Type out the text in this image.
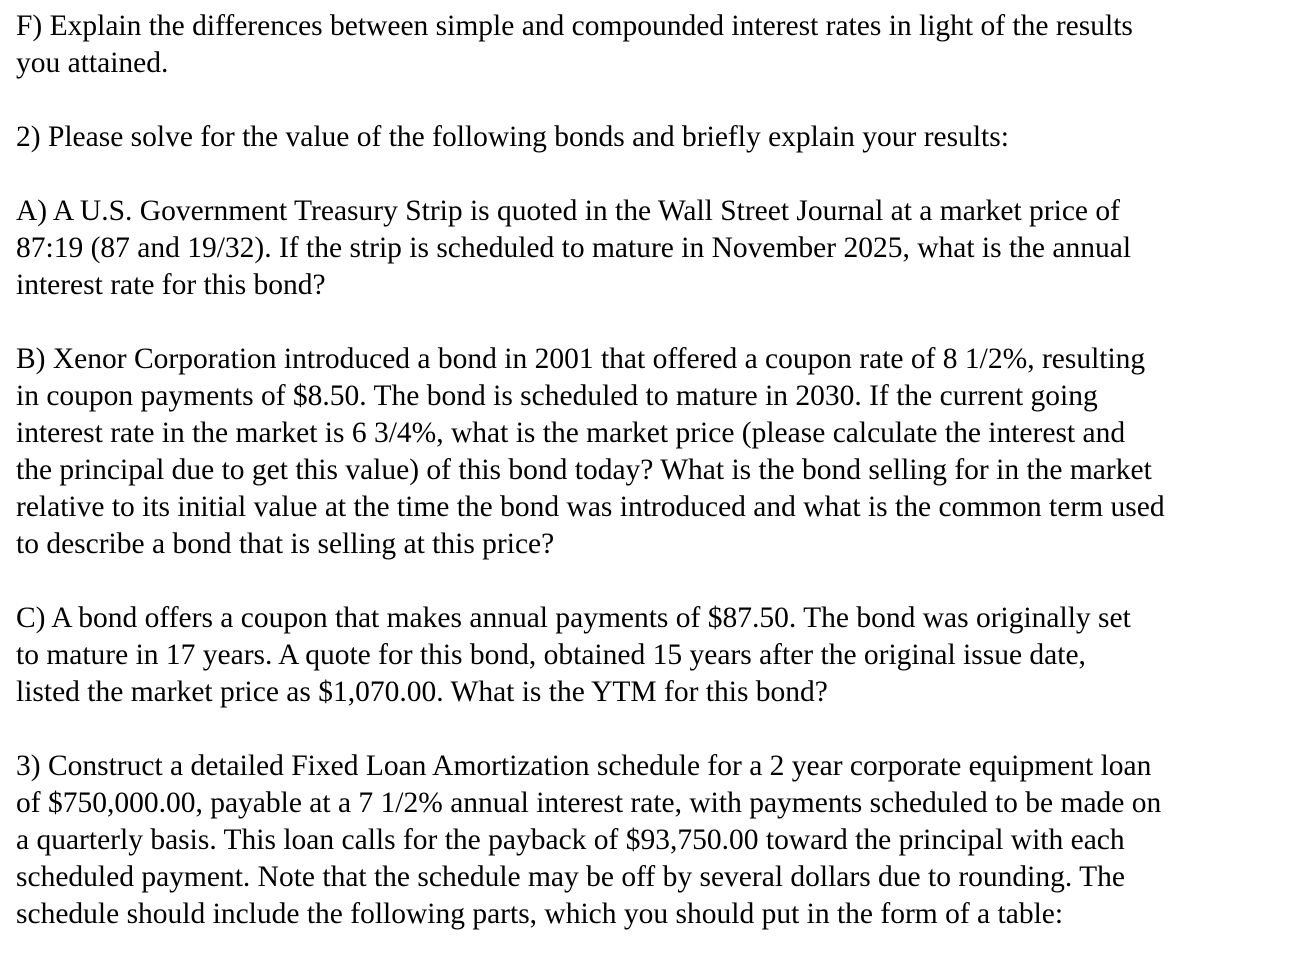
F) Explain the differences between simple and compounded interest rates in light of the results
you attained.

2) Please solve for the value of the following bonds and briefly explain your results:

A) A U.S. Government Treasury Strip is quoted in the Wall Street Journal at a market price of
87:19 (87 and 19/32). If the strip is scheduled to mature in November 2025, what is the annual
interest rate for this bond?

B) Xenor Corporation introduced a bond in 2001 that offered a coupon rate of 8 1/2%, resulting
in coupon payments of $8.50. The bond is scheduled to mature in 2030. If the current going
interest rate in the market is 6 3/4%, what is the market price (please calculate the interest and
the principal due to get this value) of this bond today? What is the bond selling for in the market
relative to its initial value at the time the bond was introduced and what is the common term used
to describe a bond that is selling at this price?

C) A bond offers a coupon that makes annual payments of $87.50. The bond was originally set
to mature in 17 years. A quote for this bond, obtained 15 years after the original issue date,
listed the market price as $1,070.00. What is the YTM for this bond?

3) Construct a detailed Fixed Loan Amortization schedule for a 2 year corporate equipment loan
of $750,000.00, payable at a 7 1/2% annual interest rate, with payments scheduled to be made on
a quarterly basis. This loan calls for the payback of $93,750.00 toward the principal with each
scheduled payment. Note that the schedule may be off by several dollars due to rounding. The
schedule should include the following parts, which you should put in the form of a table:
